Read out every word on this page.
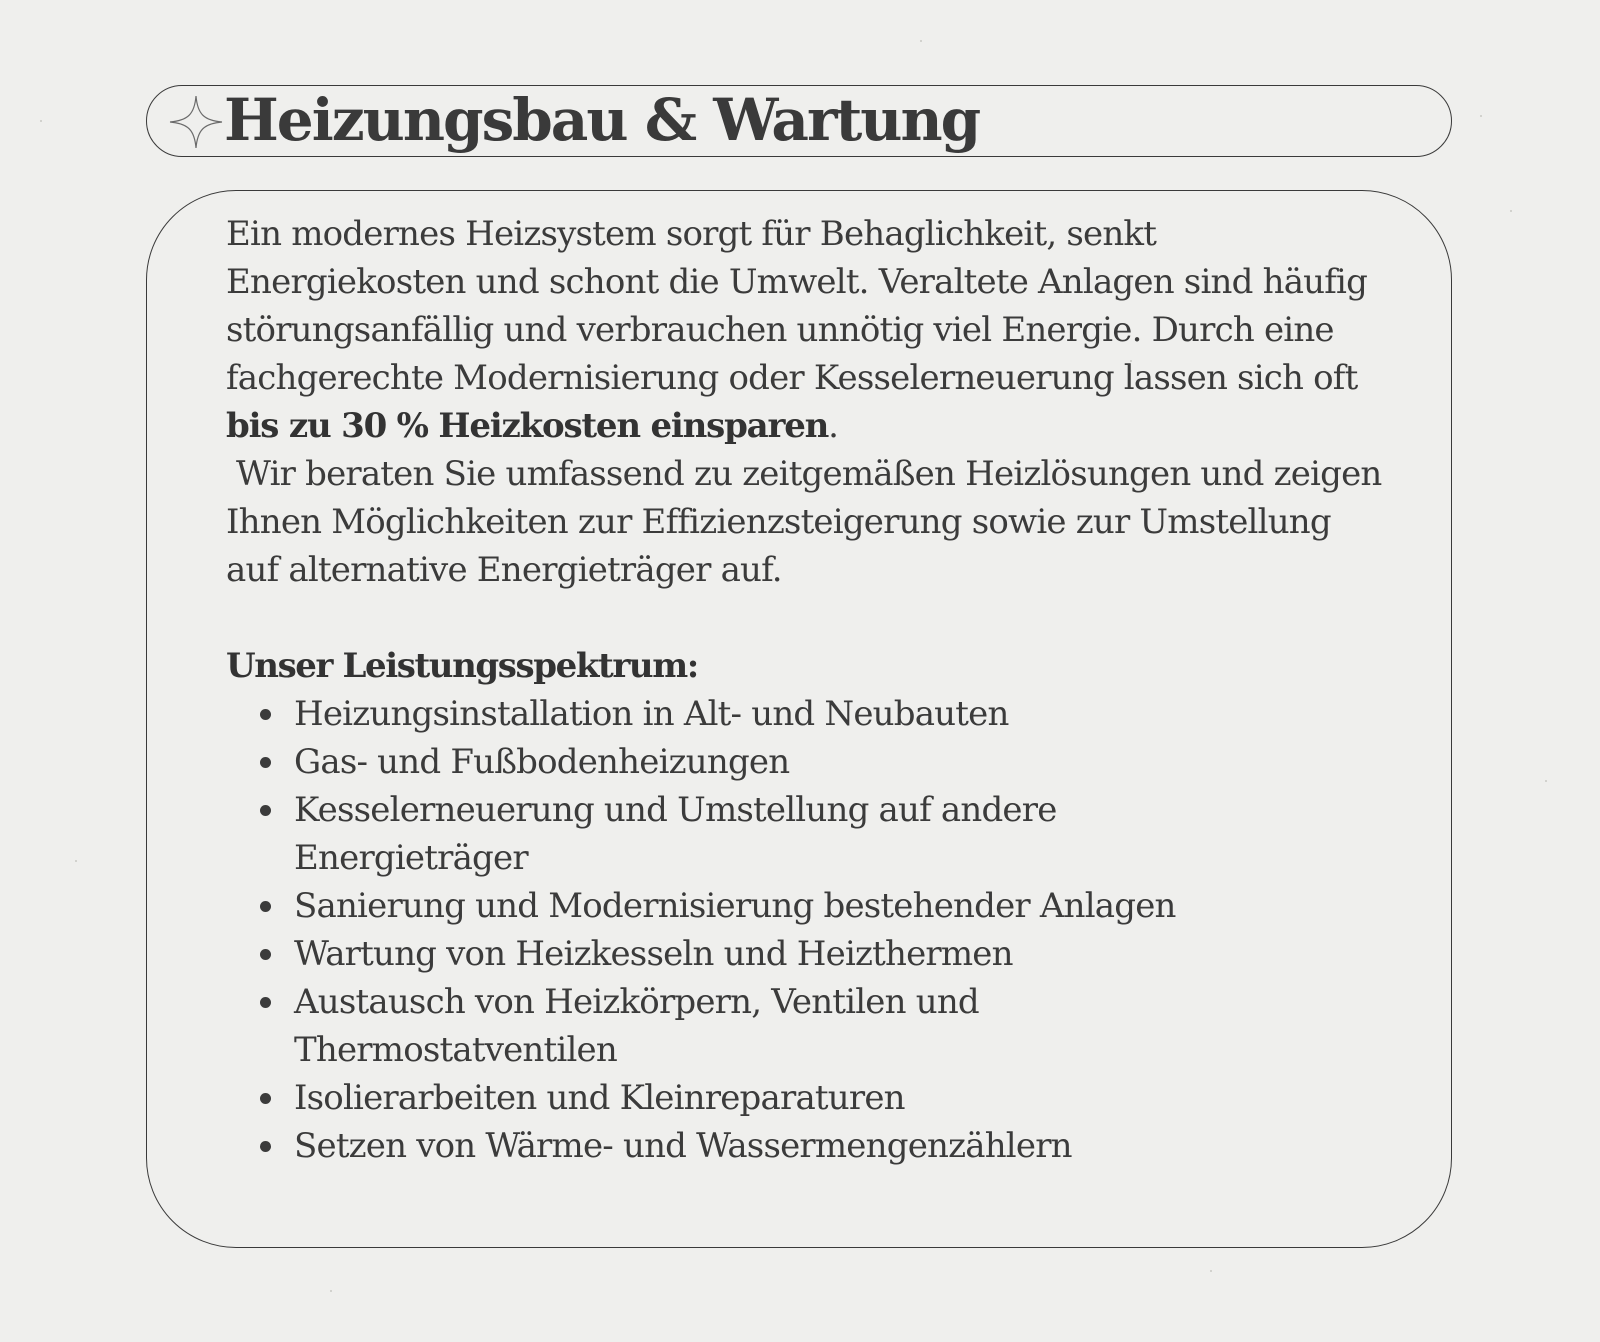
Heizungsbau & Wartung

Ein modernes Heizsystem sorgt für Behaglichkeit, senkt Energiekosten und schont die Umwelt. Veraltete Anlagen sind häufig störungsanfällig und verbrauchen unnötig viel Energie. Durch eine fachgerechte Modernisierung oder Kesselerneuerung lassen sich oft bis zu 30 % Heizkosten einsparen.

Wir beraten Sie umfassend zu zeitgemäßen Heizlösungen und zeigen Ihnen Möglichkeiten zur Effizienzsteigerung sowie zur Umstellung auf alternative Energieträger auf.

Unser Leistungsspektrum:

Heizungsinstallation in Alt- und Neubauten
Gas- und Fußbodenheizungen
Kesselerneuerung und Umstellung auf andere Energieträger
Sanierung und Modernisierung bestehender Anlagen
Wartung von Heizkesseln und Heizthermen
Austausch von Heizkörpern, Ventilen und Thermostatventilen
Isolierarbeiten und Kleinreparaturen
Setzen von Wärme- und Wassermengenzählern
